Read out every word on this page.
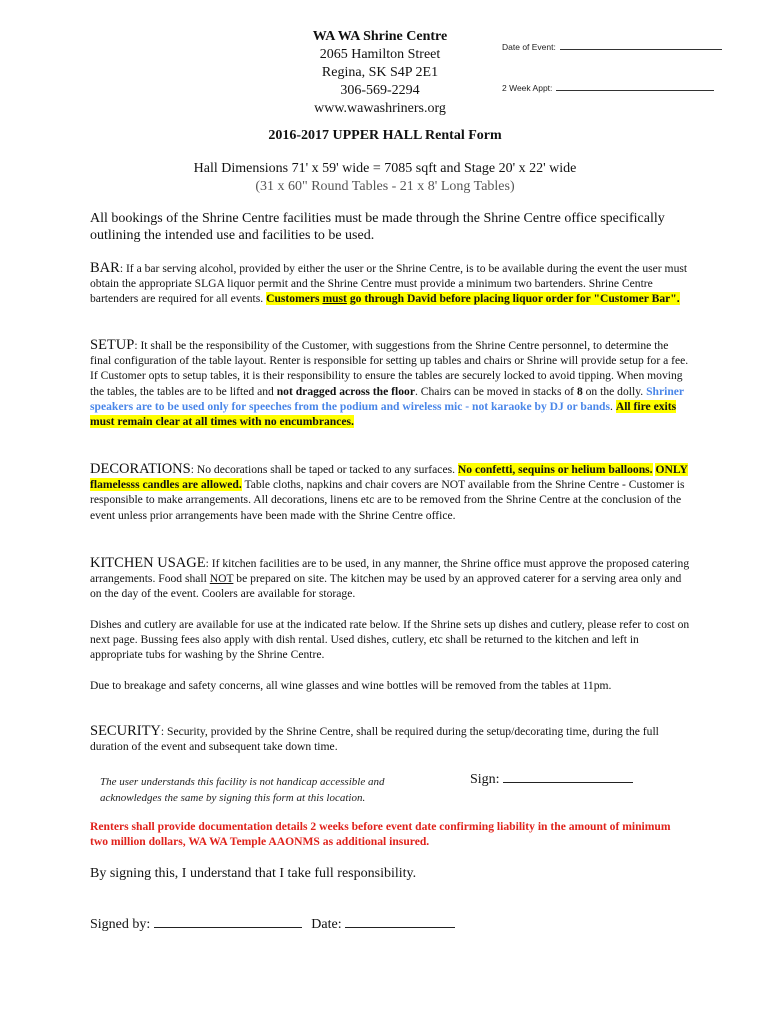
WA WA Shrine Centre
2065 Hamilton Street
Regina, SK S4P 2E1
306-569-2294
www.wawashriners.org
Date of Event:
2 Week Appt:
2016-2017 UPPER HALL Rental Form
Hall Dimensions 71' x 59' wide = 7085 sqft and Stage 20' x 22' wide
(31 x 60" Round Tables - 21 x 8' Long Tables)
All bookings of the Shrine Centre facilities must be made through the Shrine Centre office specifically outlining the intended use and facilities to be used.
BAR: If a bar serving alcohol, provided by either the user or the Shrine Centre, is to be available during the event the user must obtain the appropriate SLGA liquor permit and the Shrine Centre must provide a minimum two bartenders. Shrine Centre bartenders are required for all events. Customers must go through David before placing liquor order for "Customer Bar".
SETUP: It shall be the responsibility of the Customer, with suggestions from the Shrine Centre personnel, to determine the final configuration of the table layout. Renter is responsible for setting up tables and chairs or Shrine will provide setup for a fee. If Customer opts to setup tables, it is their responsibility to ensure the tables are securely locked to avoid tipping. When moving the tables, the tables are to be lifted and not dragged across the floor. Chairs can be moved in stacks of 8 on the dolly. Shriner speakers are to be used only for speeches from the podium and wireless mic - not karaoke by DJ or bands. All fire exits must remain clear at all times with no encumbrances.
DECORATIONS: No decorations shall be taped or tacked to any surfaces. No confetti, sequins or helium balloons. ONLY flamelesss candles are allowed. Table cloths, napkins and chair covers are NOT available from the Shrine Centre - Customer is responsible to make arrangements. All decorations, linens etc are to be removed from the Shrine Centre at the conclusion of the event unless prior arrangements have been made with the Shrine Centre office.
KITCHEN USAGE: If kitchen facilities are to be used, in any manner, the Shrine office must approve the proposed catering arrangements. Food shall NOT be prepared on site. The kitchen may be used by an approved caterer for a serving area only and on the day of the event. Coolers are available for storage.
Dishes and cutlery are available for use at the indicated rate below. If the Shrine sets up dishes and cutlery, please refer to cost on next page. Bussing fees also apply with dish rental. Used dishes, cutlery, etc shall be returned to the kitchen and left in appropriate tubs for washing by the Shrine Centre.
Due to breakage and safety concerns, all wine glasses and wine bottles will be removed from the tables at 11pm.
SECURITY: Security, provided by the Shrine Centre, shall be required during the setup/decorating time, during the full duration of the event and subsequent take down time.
The user understands this facility is not handicap accessible and acknowledges the same by signing this form at this location.
Sign:
Renters shall provide documentation details 2 weeks before event date confirming liability in the amount of minimum two million dollars, WA WA Temple AAONMS as additional insured.
By signing this, I understand that I take full responsibility.
Signed by:	Date:
